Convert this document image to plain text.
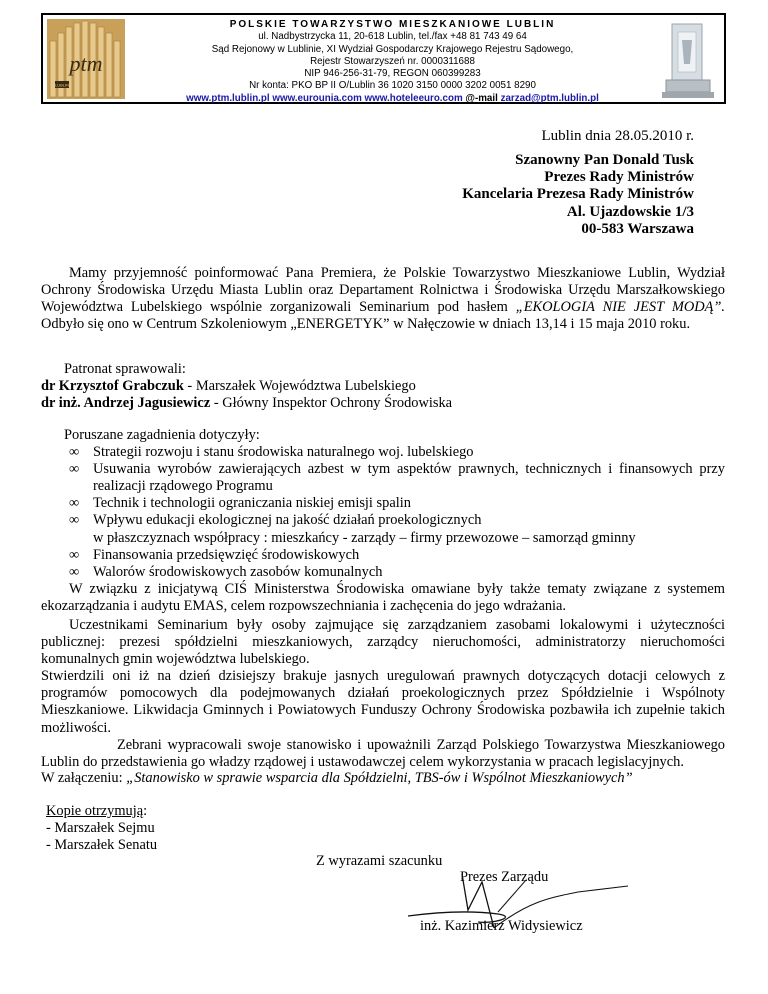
ptm
LUBLIN
POLSKIE TOWARZYSTWO MIESZKANIOWE LUBLIN
ul. Nadbystrzycka 11, 20-618 Lublin, tel./fax +48 81 743 49 64
Sąd Rejonowy w Lublinie, XI Wydział Gospodarczy Krajowego Rejestru Sądowego,
Rejestr Stowarzyszeń nr. 0000311688
NIP 946-256-31-79, REGON 060399283
Nr konta: PKO BP II O/Lublin 36 1020 3150 0000 3202 0051 8290
www.ptm.lublin.pl www.eurounia.com www.hoteleeuro.com @-mail zarzad@ptm.lublin.pl
Lublin dnia 28.05.2010 r.
Szanowny Pan Donald Tusk
Prezes Rady Ministrów
Kancelaria Prezesa Rady Ministrów
Al. Ujazdowskie 1/3
00-583 Warszawa
Mamy przyjemność poinformować Pana Premiera, że Polskie Towarzystwo Mieszkaniowe Lublin, Wydział Ochrony Środowiska Urzędu Miasta Lublin oraz Departament Rolnictwa i Środowiska Urzędu Marszałkowskiego Województwa Lubelskiego wspólnie zorganizowali Seminarium pod hasłem „EKOLOGIA NIE JEST MODĄ”. Odbyło się ono w Centrum Szkoleniowym „ENERGETYK” w Nałęczowie w dniach 13,14 i 15 maja 2010 roku.
Patronat sprawowali:
dr Krzysztof Grabczuk - Marszałek Województwa Lubelskiego
dr inż. Andrzej Jagusiewicz - Główny Inspektor Ochrony Środowiska
Poruszane zagadnienia dotyczyły:
∞ Strategii rozwoju i stanu środowiska naturalnego woj. lubelskiego
∞ Usuwania wyrobów zawierających azbest w tym aspektów prawnych, technicznych i finansowych przy realizacji rządowego Programu
∞ Technik i technologii ograniczania niskiej emisji spalin
∞ Wpływu edukacji ekologicznej na jakość działań proekologicznych
w płaszczyznach współpracy : mieszkańcy - zarządy – firmy przewozowe – samorząd gminny
∞ Finansowania przedsięwzięć środowiskowych
∞ Walorów środowiskowych zasobów komunalnych
W związku z inicjatywą CIŚ Ministerstwa Środowiska omawiane były także tematy związane z systemem ekozarządzania i audytu EMAS, celem rozpowszechniania i zachęcenia do jego wdrażania.
Uczestnikami Seminarium były osoby zajmujące się zarządzaniem zasobami lokalowymi i użyteczności publicznej: prezesi spółdzielni mieszkaniowych, zarządcy nieruchomości, administratorzy nieruchomości komunalnych gmin województwa lubelskiego.
Stwierdzili oni iż na dzień dzisiejszy brakuje jasnych uregulowań prawnych dotyczących dotacji celowych z programów pomocowych dla podejmowanych działań proekologicznych przez Spółdzielnie i Wspólnoty Mieszkaniowe. Likwidacja Gminnych i Powiatowych Funduszy Ochrony Środowiska pozbawiła ich zupełnie takich możliwości.
Zebrani wypracowali swoje stanowisko i upoważnili Zarząd Polskiego Towarzystwa Mieszkaniowego Lublin do przedstawienia go władzy rządowej i ustawodawczej celem wykorzystania w pracach legislacyjnych.
W załączeniu: „Stanowisko w sprawie wsparcia dla Spółdzielni, TBS-ów i Wspólnot Mieszkaniowych”
Kopie otrzymują:
- Marszałek Sejmu
- Marszałek Senatu
Z wyrazami szacunku
Prezes Zarządu
inż. Kazimierz Widysiewicz
